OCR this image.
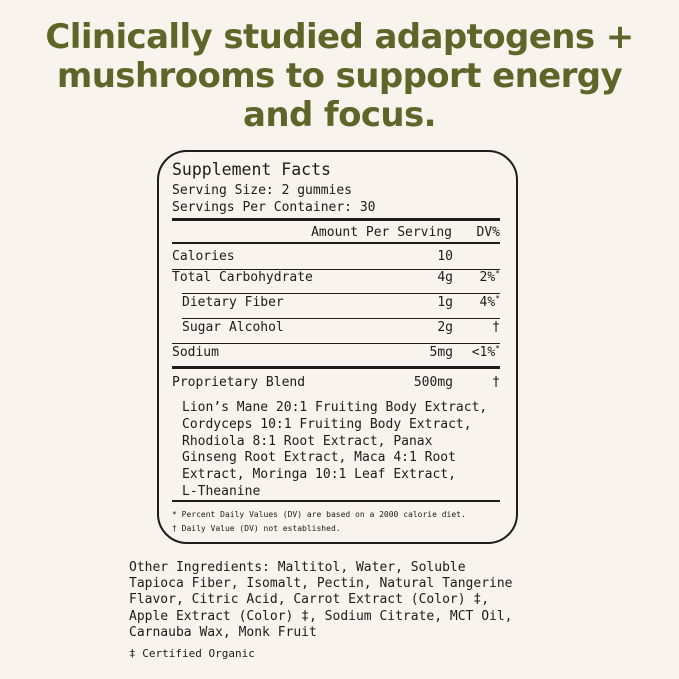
Clinically studied adaptogens +
mushrooms to support energy
and focus.
Supplement Facts
Serving Size: 2 gummies
Servings Per Container: 30
Amount Per Serving DV%
Calories	10
Total Carbohydrate	4g 2%*
Dietary Fiber	1g 4%*
Sugar Alcohol	2g	†
Sodium	5mg <1%*
Proprietary Blend	500mg	†
Lion’s Mane 20:1 Fruiting Body Extract,
Cordyceps 10:1 Fruiting Body Extract,
Rhodiola 8:1 Root Extract, Panax
Ginseng Root Extract, Maca 4:1 Root
Extract, Moringa 10:1 Leaf Extract,
L-Theanine
* Percent Daily Values (DV) are based on a 2000 calorie diet.
† Daily Value (DV) not established.
Other Ingredients: Maltitol, Water, Soluble
Tapioca Fiber, Isomalt, Pectin, Natural Tangerine
Flavor, Citric Acid, Carrot Extract (Color) ‡,
Apple Extract (Color) ‡, Sodium Citrate, MCT Oil,
Carnauba Wax, Monk Fruit
‡ Certified Organic
